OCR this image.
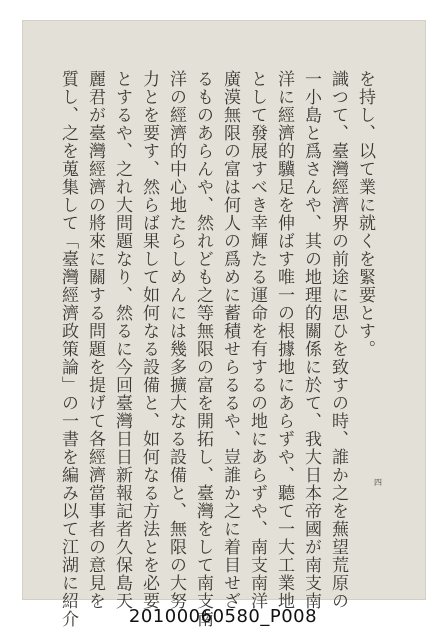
を持し、以て業に就くを緊要とす。
識つて、臺灣經濟界の前途に思ひを致すの時、誰か之を蕪望荒原の
一小島と爲さんや、其の地理的關係に於て、我大日本帝國が南支南
洋に經濟的驥足を伸ばす唯一の根據地にあらずや、聽て一大工業地
として發展すべき幸輝たる運命を有するの地にあらずや、南支南洋
廣漠無限の富は何人の爲めに蓄積せらるるや、豈誰か之に着目せざ
るものあらんや、然れども之等無限の富を開拓し、臺灣をして南支南
洋の經濟的中心地たらしめんには幾多擴大なる設備と、無限の大努
力とを要す、然らば果して如何なる設備と、如何なる方法とを必要
とするや、之れ大問題なり、然るに今回臺灣日日新報記者久保島天
麗君が臺灣經濟の將來に關する問題を提げて各經濟當事者の意見を
質し、之を蒐集して「臺灣經濟政策論」の一書を編み以て江湖に紹介	四
20100060580_P008
